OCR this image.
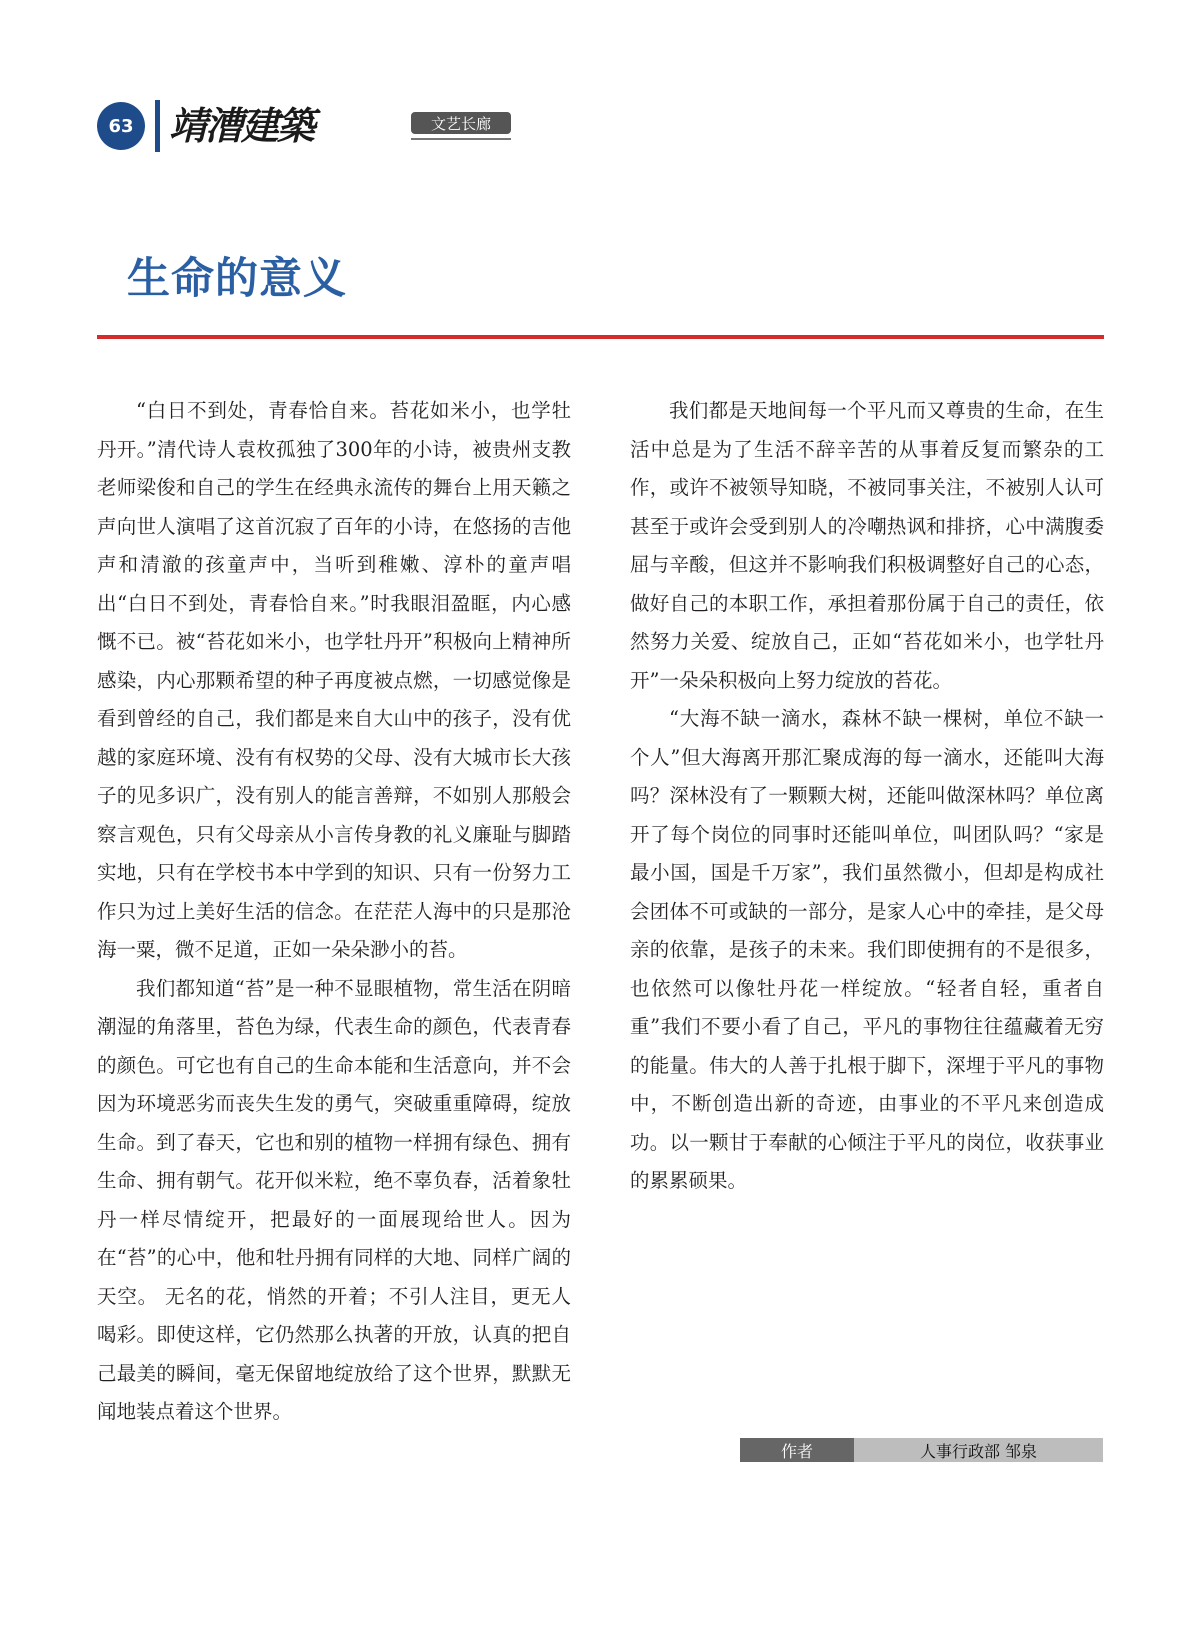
63 靖漕建築	文艺长廊
生命的意义

“白日不到处，青春恰自来。苔花如米小，也学牡丹开。”清代诗人袁枚孤独了300年的小诗，被贵州支教老师梁俊和自己的学生在经典永流传的舞台上用天籁之声向世人演唱了这首沉寂了百年的小诗，在悠扬的吉他声和清澈的孩童声中，当听到稚嫩、淳朴的童声唱出“白日不到处，青春恰自来。”时我眼泪盈眶，内心感慨不已。被“苔花如米小，也学牡丹开”积极向上精神所感染，内心那颗希望的种子再度被点燃，一切感觉像是看到曾经的自己，我们都是来自大山中的孩子，没有优越的家庭环境、没有有权势的父母、没有大城市长大孩子的见多识广，没有别人的能言善辩，不如别人那般会察言观色，只有父母亲从小言传身教的礼义廉耻与脚踏实地，只有在学校书本中学到的知识、只有一份努力工作只为过上美好生活的信念。在茫茫人海中的只是那沧海一粟，微不足道，正如一朵朵渺小的苔。

我们都知道“苔”是一种不显眼植物，常生活在阴暗潮湿的角落里，苔色为绿，代表生命的颜色，代表青春的颜色。可它也有自己的生命本能和生活意向，并不会因为环境恶劣而丧失生发的勇气，突破重重障碍，绽放生命。到了春天，它也和别的植物一样拥有绿色、拥有生命、拥有朝气。花开似米粒，绝不辜负春，活着象牡丹一样尽情绽开，把最好的一面展现给世人。因为在“苔”的心中，他和牡丹拥有同样的大地、同样广阔的天空。 无名的花，悄然的开着；不引人注目，更无人喝彩。即使这样，它仍然那么执著的开放，认真的把自己最美的瞬间，毫无保留地绽放给了这个世界，默默无闻地装点着这个世界。

我们都是天地间每一个平凡而又尊贵的生命，在生活中总是为了生活不辞辛苦的从事着反复而繁杂的工作，或许不被领导知晓，不被同事关注，不被别人认可甚至于或许会受到别人的冷嘲热讽和排挤，心中满腹委屈与辛酸，但这并不影响我们积极调整好自己的心态，做好自己的本职工作，承担着那份属于自己的责任，依然努力关爱、绽放自己，正如“苔花如米小，也学牡丹开”一朵朵积极向上努力绽放的苔花。

“大海不缺一滴水，森林不缺一棵树，单位不缺一个人”但大海离开那汇聚成海的每一滴水，还能叫大海吗？深林没有了一颗颗大树，还能叫做深林吗？单位离开了每个岗位的同事时还能叫单位，叫团队吗？“家是最小国，国是千万家”，我们虽然微小，但却是构成社会团体不可或缺的一部分，是家人心中的牵挂，是父母亲的依靠，是孩子的未来。我们即使拥有的不是很多，也依然可以像牡丹花一样绽放。“轻者自轻，重者自重”我们不要小看了自己，平凡的事物往往蕴藏着无穷的能量。伟大的人善于扎根于脚下，深埋于平凡的事物中，不断创造出新的奇迹，由事业的不平凡来创造成功。以一颗甘于奉献的心倾注于平凡的岗位，收获事业的累累硕果。

作者	人事行政部 邹泉
